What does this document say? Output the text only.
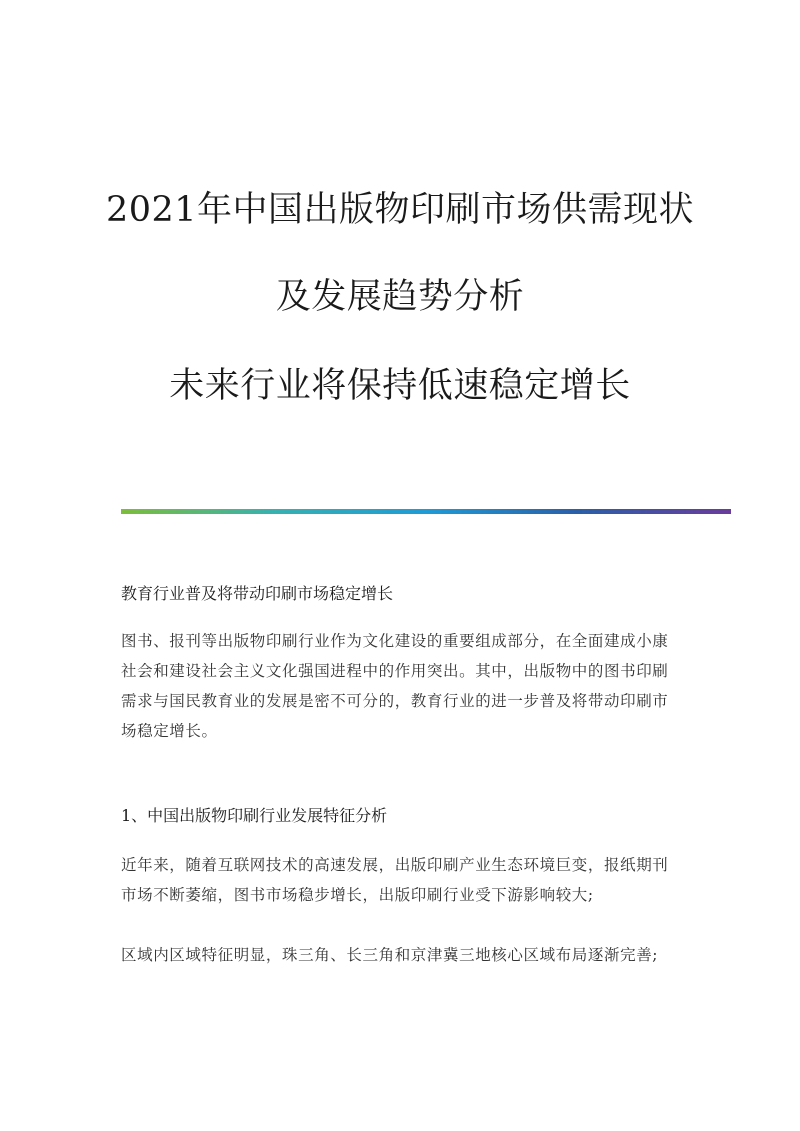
2021年中国出版物印刷市场供需现状
及发展趋势分析
未来行业将保持低速稳定增长
教育行业普及将带动印刷市场稳定增长
图书、报刊等出版物印刷行业作为文化建设的重要组成部分，在全面建成小康
社会和建设社会主义文化强国进程中的作用突出。其中，出版物中的图书印刷
需求与国民教育业的发展是密不可分的，教育行业的进一步普及将带动印刷市
场稳定增长。
1、中国出版物印刷行业发展特征分析
近年来，随着互联网技术的高速发展，出版印刷产业生态环境巨变，报纸期刊
市场不断萎缩，图书市场稳步增长，出版印刷行业受下游影响较大;
区域内区域特征明显，珠三角、长三角和京津冀三地核心区域布局逐渐完善;
